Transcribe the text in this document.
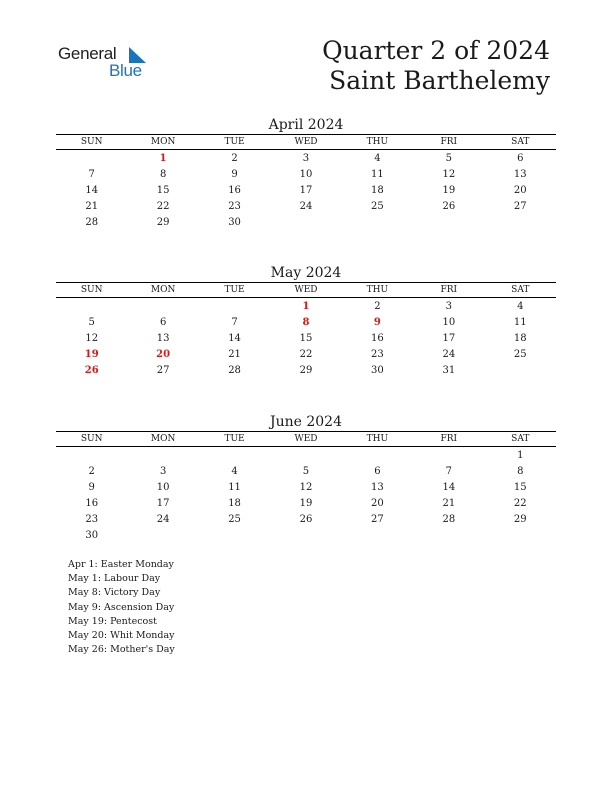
General
Blue
Quarter 2 of 2024
Saint Barthelemy
April 2024
SUN	MON	TUE	WED	THU	FRI	SAT
	1	2	3	4	5	6
7	8	9	10	11	12	13
14	15	16	17	18	19	20
21	22	23	24	25	26	27
28	29	30				
May 2024
SUN	MON	TUE	WED	THU	FRI	SAT
			1	2	3	4
5	6	7	8	9	10	11
12	13	14	15	16	17	18
19	20	21	22	23	24	25
26	27	28	29	30	31	
June 2024
SUN	MON	TUE	WED	THU	FRI	SAT
						1
2	3	4	5	6	7	8
9	10	11	12	13	14	15
16	17	18	19	20	21	22
23	24	25	26	27	28	29
30						
Apr 1: Easter Monday
May 1: Labour Day
May 8: Victory Day
May 9: Ascension Day
May 19: Pentecost
May 20: Whit Monday
May 26: Mother's Day
